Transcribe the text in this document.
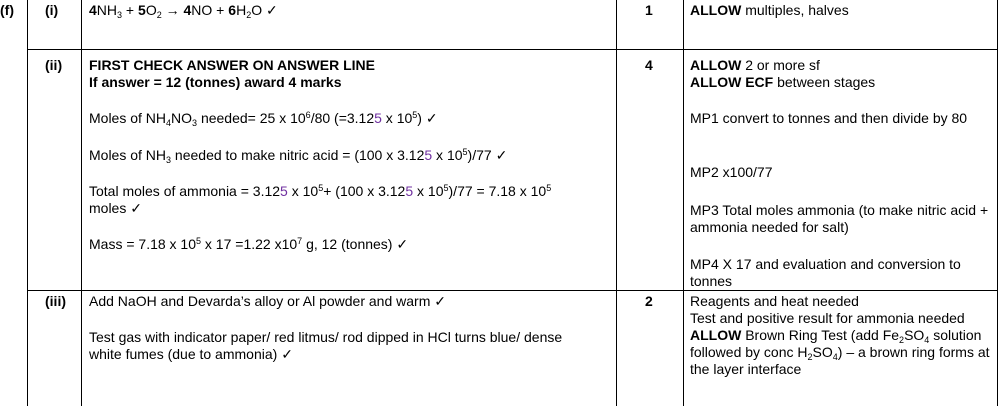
(f) (i) $4NH_3 + 5O_2 \to 4NO + 6H_2O$ ✓	1	ALLOW multiples, halves
(ii) FIRST CHECK ANSWER ON ANSWER LINE
If answer = 12 (tonnes) award 4 marks
Moles of $NH_4NO_3$ needed= 25 x $10^6/80$ (=3.125 x $10^5$) ✓
Moles of $NH_3$ needed to make nitric acid = (100 x 3.125 x $10^5)/77$ ✓
Total moles of ammonia = 3.125 x $10^5+ (100$ x 3.125 x $10^5)/77 = 7.18$ x $10^5$
moles ✓
Mass = 7.18 x $10^5$ x 17 =1.22 $x10^7$ g, 12 (tonnes) ✓
4	ALLOW 2 or more sf
ALLOW ECF between stages
MP1 convert to tonnes and then divide by 80
MP2 x100/77
MP3 Total moles ammonia (to make nitric acid + ammonia needed for salt)
MP4 X 17 and evaluation and conversion to tonnes
(iii) Add NaOH and Devarda’s alloy or Al powder and warm ✓
Test gas with indicator paper/ red litmus/ rod dipped in HCl turns blue/ dense white fumes (due to ammonia) ✓
2	Reagents and heat needed
Test and positive result for ammonia needed
ALLOW Brown Ring Test (add $Fe_2SO_4$ solution followed by conc $H_2SO_4$) – a brown ring forms at the layer interface
